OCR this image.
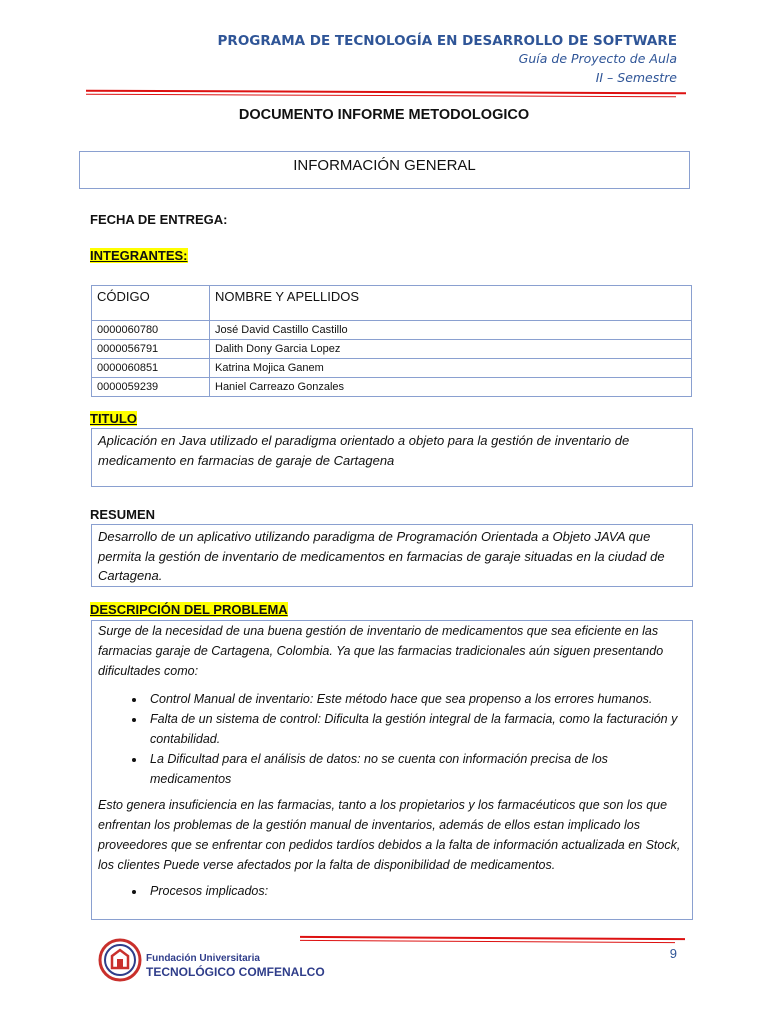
PROGRAMA DE TECNOLOGÍA EN DESARROLLO DE SOFTWARE
Guía de Proyecto de Aula
II – Semestre
DOCUMENTO INFORME METODOLOGICO
INFORMACIÓN GENERAL
FECHA DE ENTREGA:
INTEGRANTES:
CÓDIGO	NOMBRE Y APELLIDOS
0000060780	José David Castillo Castillo
0000056791	Dalith Dony Garcia Lopez
0000060851	Katrina Mojica Ganem
0000059239	Haniel Carreazo Gonzales
TITULO
Aplicación en Java utilizado el paradigma orientado a objeto para la gestión de inventario de medicamento en farmacias de garaje de Cartagena
RESUMEN
Desarrollo de un aplicativo utilizando paradigma de Programación Orientada a Objeto JAVA que permita la gestión de inventario de medicamentos en farmacias de garaje situadas en la ciudad de Cartagena.
DESCRIPCIÓN DEL PROBLEMA

Surge de la necesidad de una buena gestión de inventario de medicamentos que sea eficiente en las farmacias garaje de Cartagena, Colombia. Ya que las farmacias tradicionales aún siguen presentando dificultades como:

• Control Manual de inventario: Este método hace que sea propenso a los errores humanos.
• Falta de un sistema de control: Dificulta la gestión integral de la farmacia, como la facturación y contabilidad.
• La Dificultad para el análisis de datos: no se cuenta con información precisa de los medicamentos

Esto genera insuficiencia en las farmacias, tanto a los propietarios y los farmacéuticos que son los que enfrentan los problemas de la gestión manual de inventarios, además de ellos estan implicado los proveedores que se enfrentar con pedidos tardíos debidos a la falta de información actualizada en Stock, los clientes Puede verse afectados por la falta de disponibilidad de medicamentos.

• Procesos implicados:
Fundación Universitaria
TECNOLÓGICO COMFENALCO
9
